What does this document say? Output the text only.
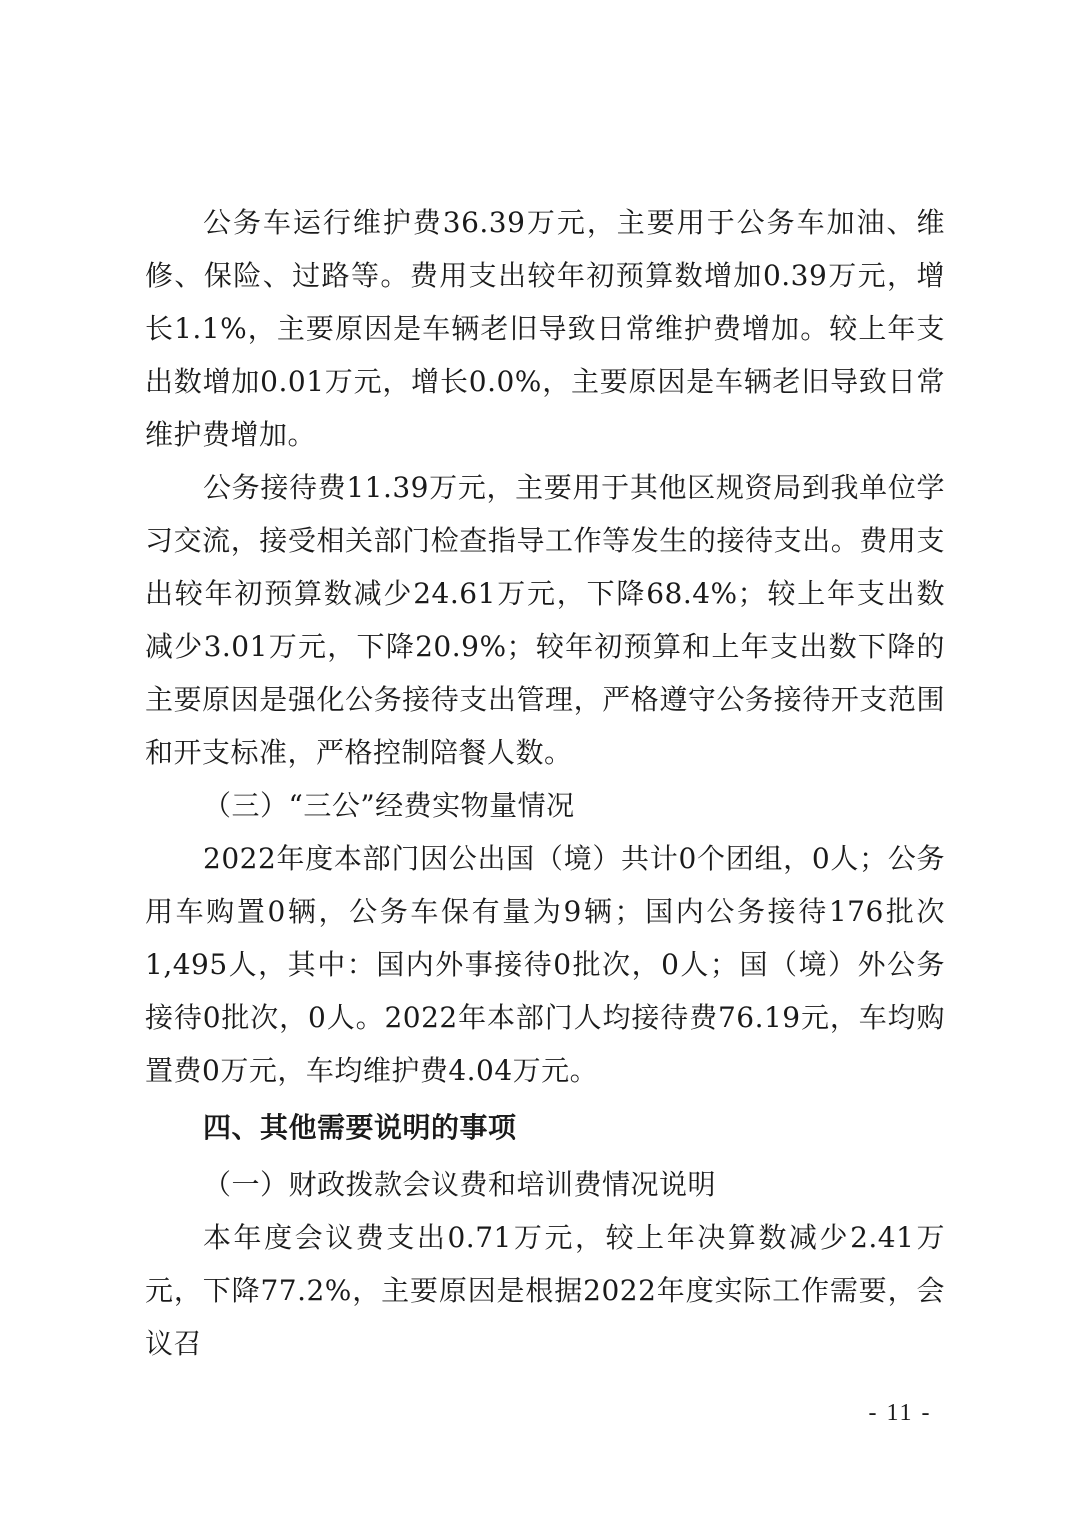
公务车运行维护费36.39万元，主要用于公务车加油、维修、保险、过路等。费用支出较年初预算数增加0.39万元，增长1.1%，主要原因是车辆老旧导致日常维护费增加。较上年支出数增加0.01万元，增长0.0%，主要原因是车辆老旧导致日常维护费增加。

公务接待费11.39万元，主要用于其他区规资局到我单位学习交流，接受相关部门检查指导工作等发生的接待支出。费用支出较年初预算数减少24.61万元，下降68.4%；较上年支出数减少3.01万元，下降20.9%；较年初预算和上年支出数下降的主要原因是强化公务接待支出管理，严格遵守公务接待开支范围和开支标准，严格控制陪餐人数。

（三）“三公”经费实物量情况

2022年度本部门因公出国（境）共计0个团组，0人；公务用车购置0辆，公务车保有量为9辆；国内公务接待176批次1,495人，其中：国内外事接待0批次，0人；国（境）外公务接待0批次，0人。2022年本部门人均接待费76.19元，车均购置费0万元，车均维护费4.04万元。

四、其他需要说明的事项

（一）财政拨款会议费和培训费情况说明

本年度会议费支出0.71万元，较上年决算数减少2.41万元，下降77.2%，主要原因是根据2022年度实际工作需要，会议召

- 11 -
